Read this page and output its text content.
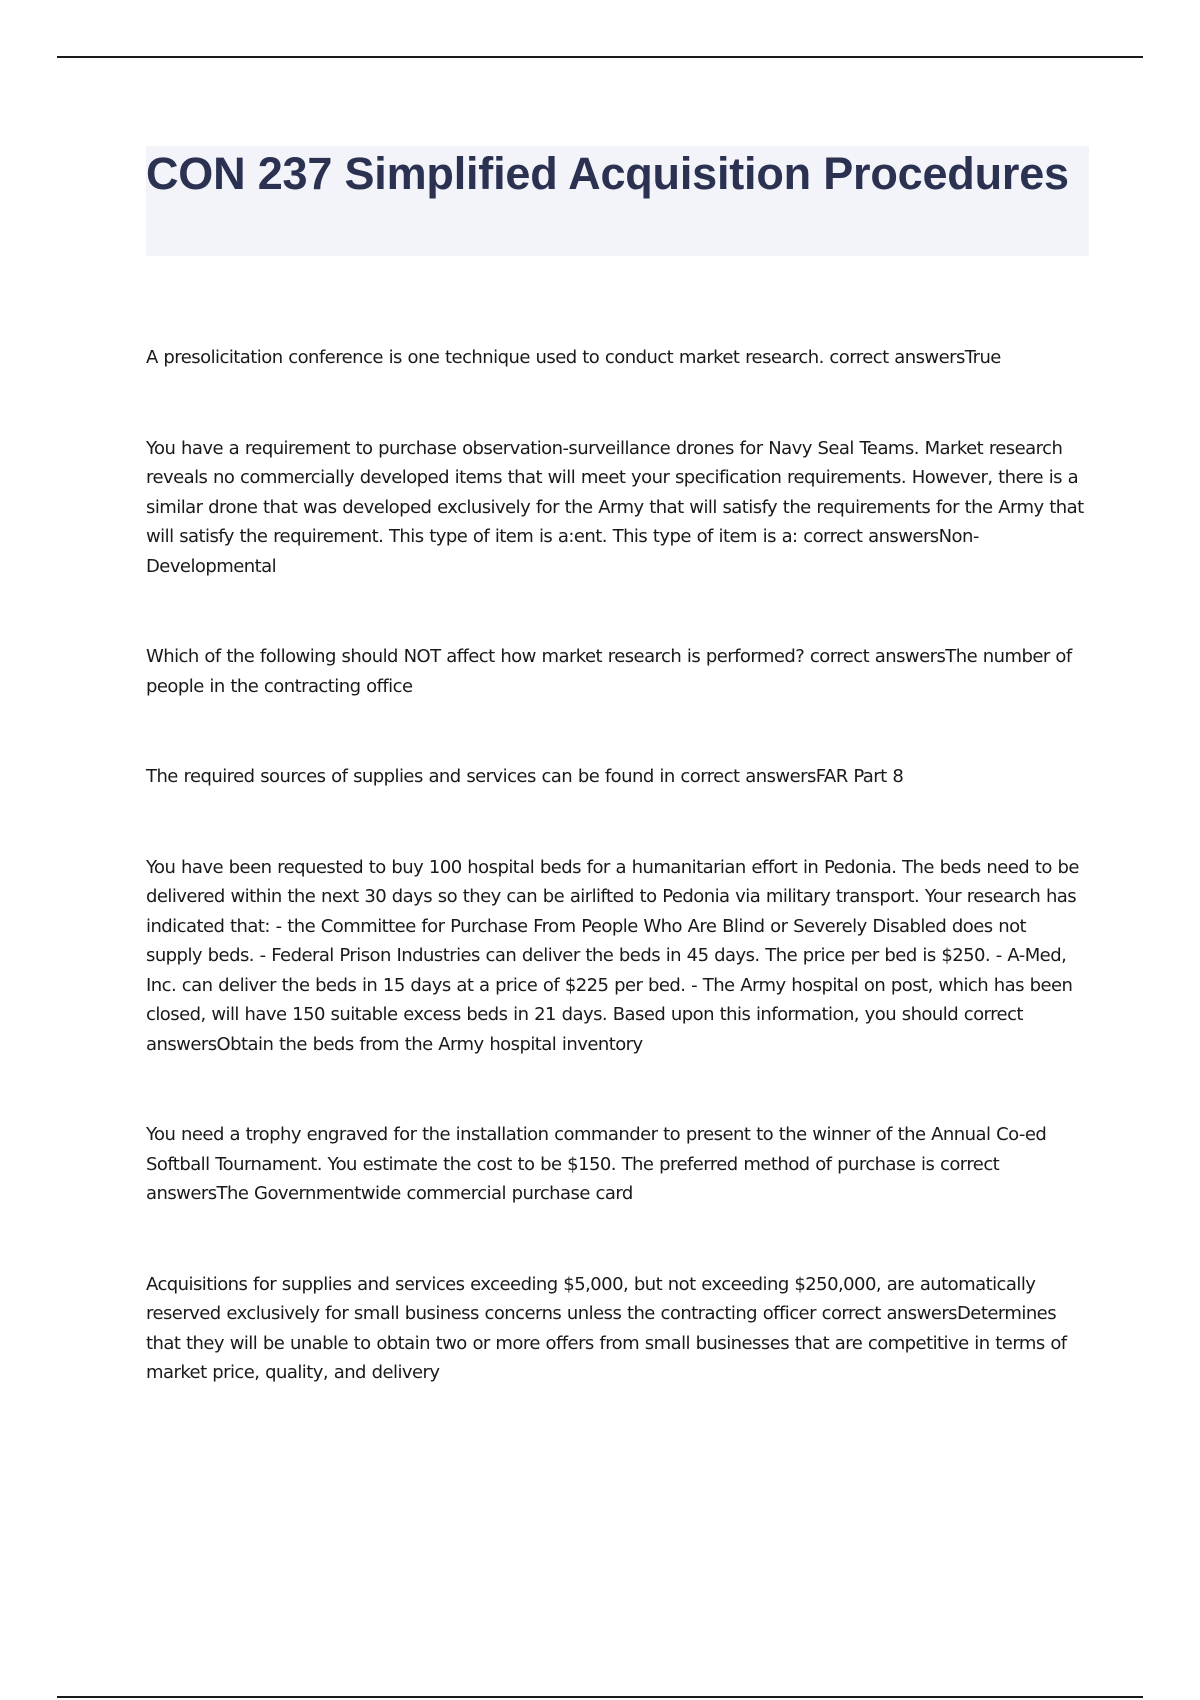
CON 237 Simplified Acquisition Procedures

A presolicitation conference is one technique used to conduct market research. correct answersTrue

You have a requirement to purchase observation-surveillance drones for Navy Seal Teams. Market research reveals no commercially developed items that will meet your specification requirements. However, there is a similar drone that was developed exclusively for the Army that will satisfy the requirements for the Army that will satisfy the requirement. This type of item is a:ent. This type of item is a: correct answersNon-Developmental

Which of the following should NOT affect how market research is performed? correct answersThe number of people in the contracting office

The required sources of supplies and services can be found in correct answersFAR Part 8

You have been requested to buy 100 hospital beds for a humanitarian effort in Pedonia. The beds need to be delivered within the next 30 days so they can be airlifted to Pedonia via military transport. Your research has indicated that: - the Committee for Purchase From People Who Are Blind or Severely Disabled does not supply beds. - Federal Prison Industries can deliver the beds in 45 days. The price per bed is $250. - A-Med, Inc. can deliver the beds in 15 days at a price of $225 per bed. - The Army hospital on post, which has been closed, will have 150 suitable excess beds in 21 days. Based upon this information, you should correct answersObtain the beds from the Army hospital inventory

You need a trophy engraved for the installation commander to present to the winner of the Annual Co-ed Softball Tournament. You estimate the cost to be $150. The preferred method of purchase is correct answersThe Governmentwide commercial purchase card

Acquisitions for supplies and services exceeding $5,000, but not exceeding $250,000, are automatically reserved exclusively for small business concerns unless the contracting officer correct answersDetermines that they will be unable to obtain two or more offers from small businesses that are competitive in terms of market price, quality, and delivery
